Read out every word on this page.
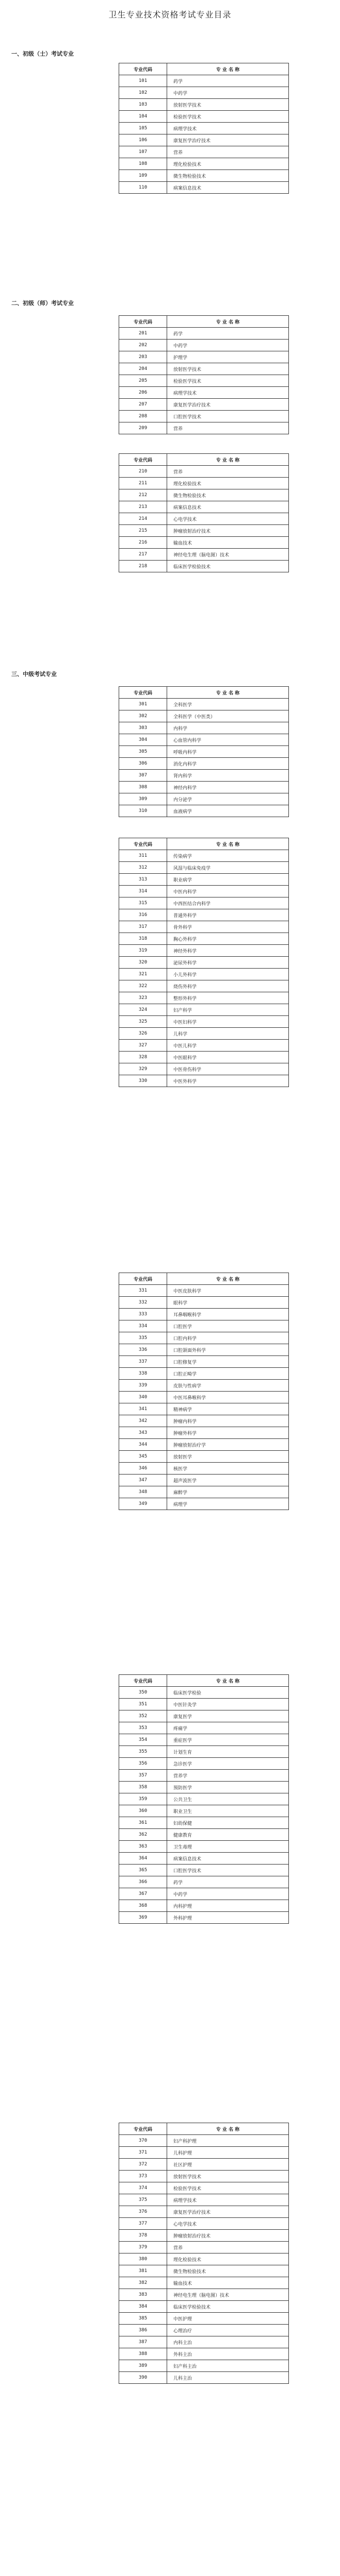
卫生专业技术资格考试专业目录
一、初级（士）考试专业
专业代码	专 业 名 称
101	药学
102	中药学
103	放射医学技术
104	检验医学技术
105	病理学技术
106	康复医学治疗技术
107	营养
108	理化检验技术
109	微生物检验技术
110	病案信息技术
二、初级（师）考试专业
专业代码	专 业 名 称
201	药学
202	中药学
203	护理学
204	放射医学技术
205	检验医学技术
206	病理学技术
207	康复医学治疗技术
208	口腔医学技术
209	营养
专业代码	专 业 名 称
210	营养
211	理化检验技术
212	微生物检验技术
213	病案信息技术
214	心电学技术
215	肿瘤放射治疗技术
216	输血技术
217	神经电生理（脑电图）技术
218	临床医学检验技术
三、中级考试专业
专业代码	专 业 名 称
301	全科医学
302	全科医学（中医类）
303	内科学
304	心血管内科学
305	呼吸内科学
306	消化内科学
307	肾内科学
308	神经内科学
309	内分泌学
310	血液病学
专业代码	专 业 名 称
311	传染病学
312	风湿与临床免疫学
313	职业病学
314	中医内科学
315	中西医结合内科学
316	普通外科学
317	骨外科学
318	胸心外科学
319	神经外科学
320	泌尿外科学
321	小儿外科学
322	烧伤外科学
323	整形外科学
324	妇产科学
325	中医妇科学
326	儿科学
327	中医儿科学
328	中医眼科学
329	中医骨伤科学
330	中医外科学
专业代码	专 业 名 称
331	中医皮肤科学
332	眼科学
333	耳鼻咽喉科学
334	口腔医学
335	口腔内科学
336	口腔颌面外科学
337	口腔修复学
338	口腔正畸学
339	皮肤与性病学
340	中医耳鼻喉科学
341	精神病学
342	肿瘤内科学
343	肿瘤外科学
344	肿瘤放射治疗学
345	放射医学
346	核医学
347	超声波医学
348	麻醉学
349	病理学
专业代码	专 业 名 称
350	临床医学检验
351	中医针灸学
352	康复医学
353	疼痛学
354	重症医学
355	计划生育
356	急诊医学
357	营养学
358	预防医学
359	公共卫生
360	职业卫生
361	妇幼保健
362	健康教育
363	卫生毒理
364	病案信息技术
365	口腔医学技术
366	药学
367	中药学
368	内科护理
369	外科护理
专业代码	专 业 名 称
370	妇产科护理
371	儿科护理
372	社区护理
373	放射医学技术
374	检验医学技术
375	病理学技术
376	康复医学治疗技术
377	心电学技术
378	肿瘤放射治疗技术
379	营养
380	理化检验技术
381	微生物检验技术
382	输血技术
383	神经电生理（脑电图）技术
384	临床医学检验技术
385	中医护理
386	心理治疗
387	内科主治
388	外科主治
389	妇产科主治
390	儿科主治
